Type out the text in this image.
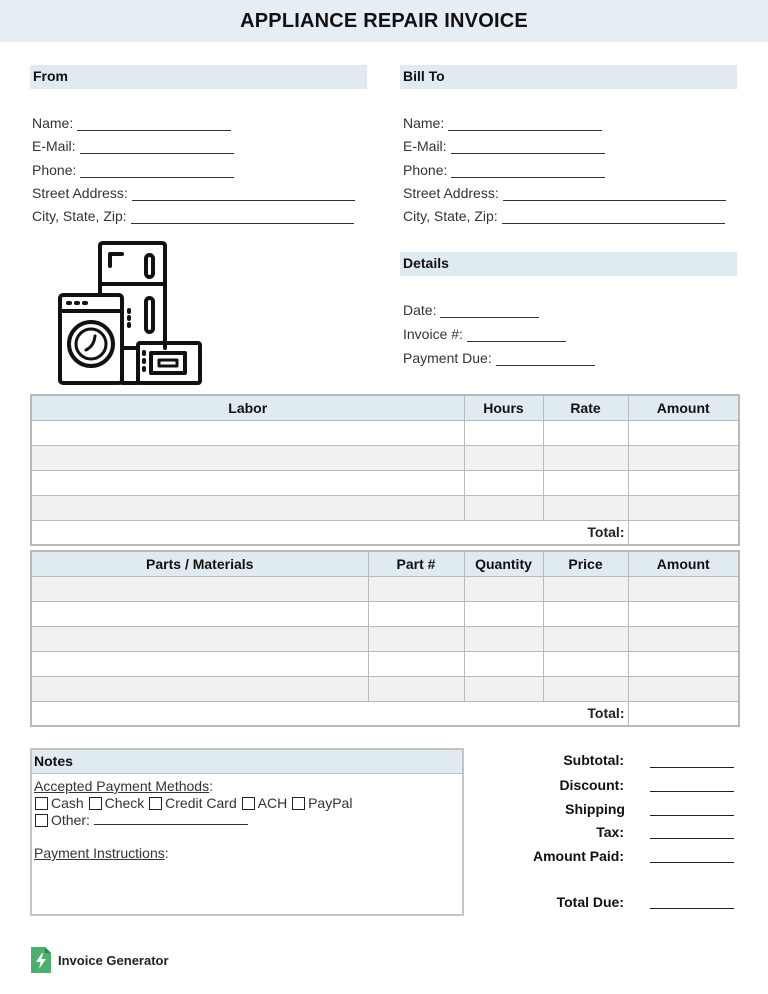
APPLIANCE REPAIR INVOICE
From
Name:
E-Mail:
Phone:
Street Address:
City, State, Zip:
Bill To
Name:
E-Mail:
Phone:
Street Address:
City, State, Zip:
Details
Date:
Invoice #:
Payment Due:
Labor	Hours	Rate	Amount

Total:			
Parts / Materials	Part #	Quantity	Price	Amount

Total:				
Notes
Accepted Payment Methods:
Cash Check Credit Card ACH PayPal
Other:
Payment Instructions:
Subtotal:
Discount:
Shipping
Tax:
Amount Paid:
Total Due:
Invoice Generator
